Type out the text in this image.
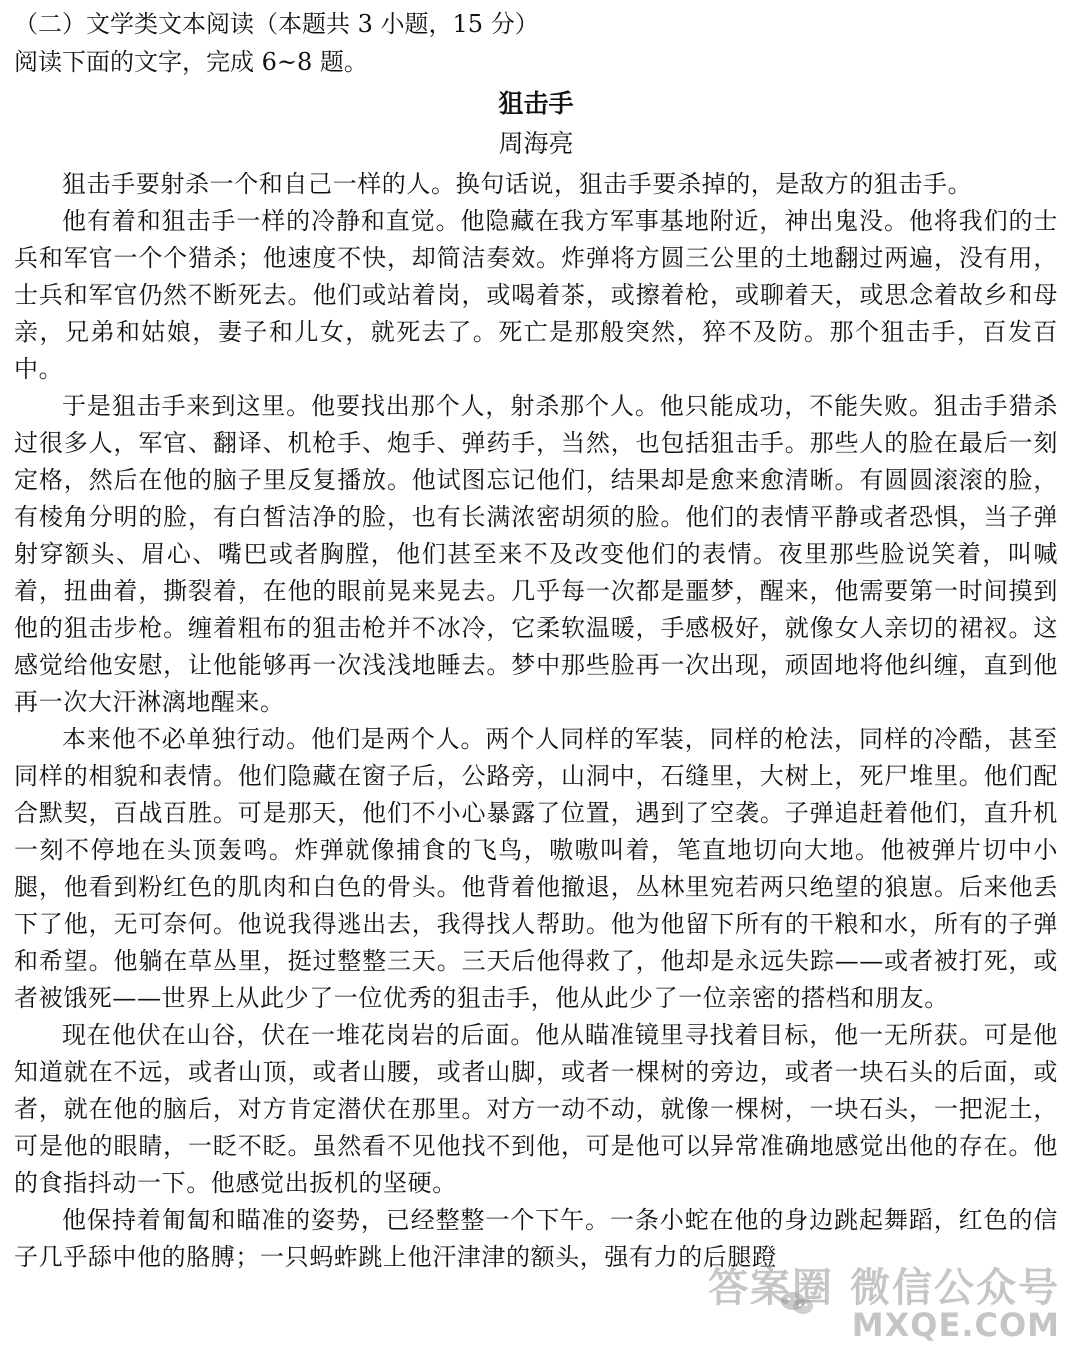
（二）文学类文本阅读（本题共 3 小题，15 分）

阅读下面的文字，完成 6~8 题。

狙击手

周海亮

狙击手要射杀一个和自己一样的人。换句话说，狙击手要杀掉的，是敌方的狙击手。

他有着和狙击手一样的冷静和直觉。他隐藏在我方军事基地附近，神出鬼没。他将我们的士兵和军官一个个猎杀；他速度不快，却简洁奏效。炸弹将方圆三公里的土地翻过两遍，没有用，士兵和军官仍然不断死去。他们或站着岗，或喝着茶，或擦着枪，或聊着天，或思念着故乡和母亲，兄弟和姑娘，妻子和儿女，就死去了。死亡是那般突然，猝不及防。那个狙击手，百发百中。

于是狙击手来到这里。他要找出那个人，射杀那个人。他只能成功，不能失败。狙击手猎杀过很多人，军官、翻译、机枪手、炮手、弹药手，当然，也包括狙击手。那些人的脸在最后一刻定格，然后在他的脑子里反复播放。他试图忘记他们，结果却是愈来愈清晰。有圆圆滚滚的脸，有棱角分明的脸，有白皙洁净的脸，也有长满浓密胡须的脸。他们的表情平静或者恐惧，当子弹射穿额头、眉心、嘴巴或者胸膛，他们甚至来不及改变他们的表情。夜里那些脸说笑着，叫喊着，扭曲着，撕裂着，在他的眼前晃来晃去。几乎每一次都是噩梦，醒来，他需要第一时间摸到他的狙击步枪。缠着粗布的狙击枪并不冰冷，它柔软温暖，手感极好，就像女人亲切的裙衩。这感觉给他安慰，让他能够再一次浅浅地睡去。梦中那些脸再一次出现，顽固地将他纠缠，直到他再一次大汗淋漓地醒来。

本来他不必单独行动。他们是两个人。两个人同样的军装，同样的枪法，同样的冷酷，甚至同样的相貌和表情。他们隐藏在窗子后，公路旁，山洞中，石缝里，大树上，死尸堆里。他们配合默契，百战百胜。可是那天，他们不小心暴露了位置，遇到了空袭。子弹追赶着他们，直升机一刻不停地在头顶轰鸣。炸弹就像捕食的飞鸟，嗷嗷叫着，笔直地切向大地。他被弹片切中小腿，他看到粉红色的肌肉和白色的骨头。他背着他撤退，丛林里宛若两只绝望的狼崽。后来他丢下了他，无可奈何。他说我得逃出去，我得找人帮助。他为他留下所有的干粮和水，所有的子弹和希望。他躺在草丛里，挺过整整三天。三天后他得救了，他却是永远失踪——或者被打死，或者被饿死——世界上从此少了一位优秀的狙击手，他从此少了一位亲密的搭档和朋友。

现在他伏在山谷，伏在一堆花岗岩的后面。他从瞄准镜里寻找着目标，他一无所获。可是他知道就在不远，或者山顶，或者山腰，或者山脚，或者一棵树的旁边，或者一块石头的后面，或者，就在他的脑后，对方肯定潜伏在那里。对方一动不动，就像一棵树，一块石头，一把泥土，可是他的眼睛，一眨不眨。虽然看不见他找不到他，可是他可以异常准确地感觉出他的存在。他的食指抖动一下。他感觉出扳机的坚硬。

他保持着匍匐和瞄准的姿势，已经整整一个下午。一条小蛇在他的身边跳起舞蹈，红色的信子几乎舔中他的胳膊；一只蚂蚱跳上他汗津津的额头，强有力的后腿蹬

答案圈 微信公众号
MXQE.COM
